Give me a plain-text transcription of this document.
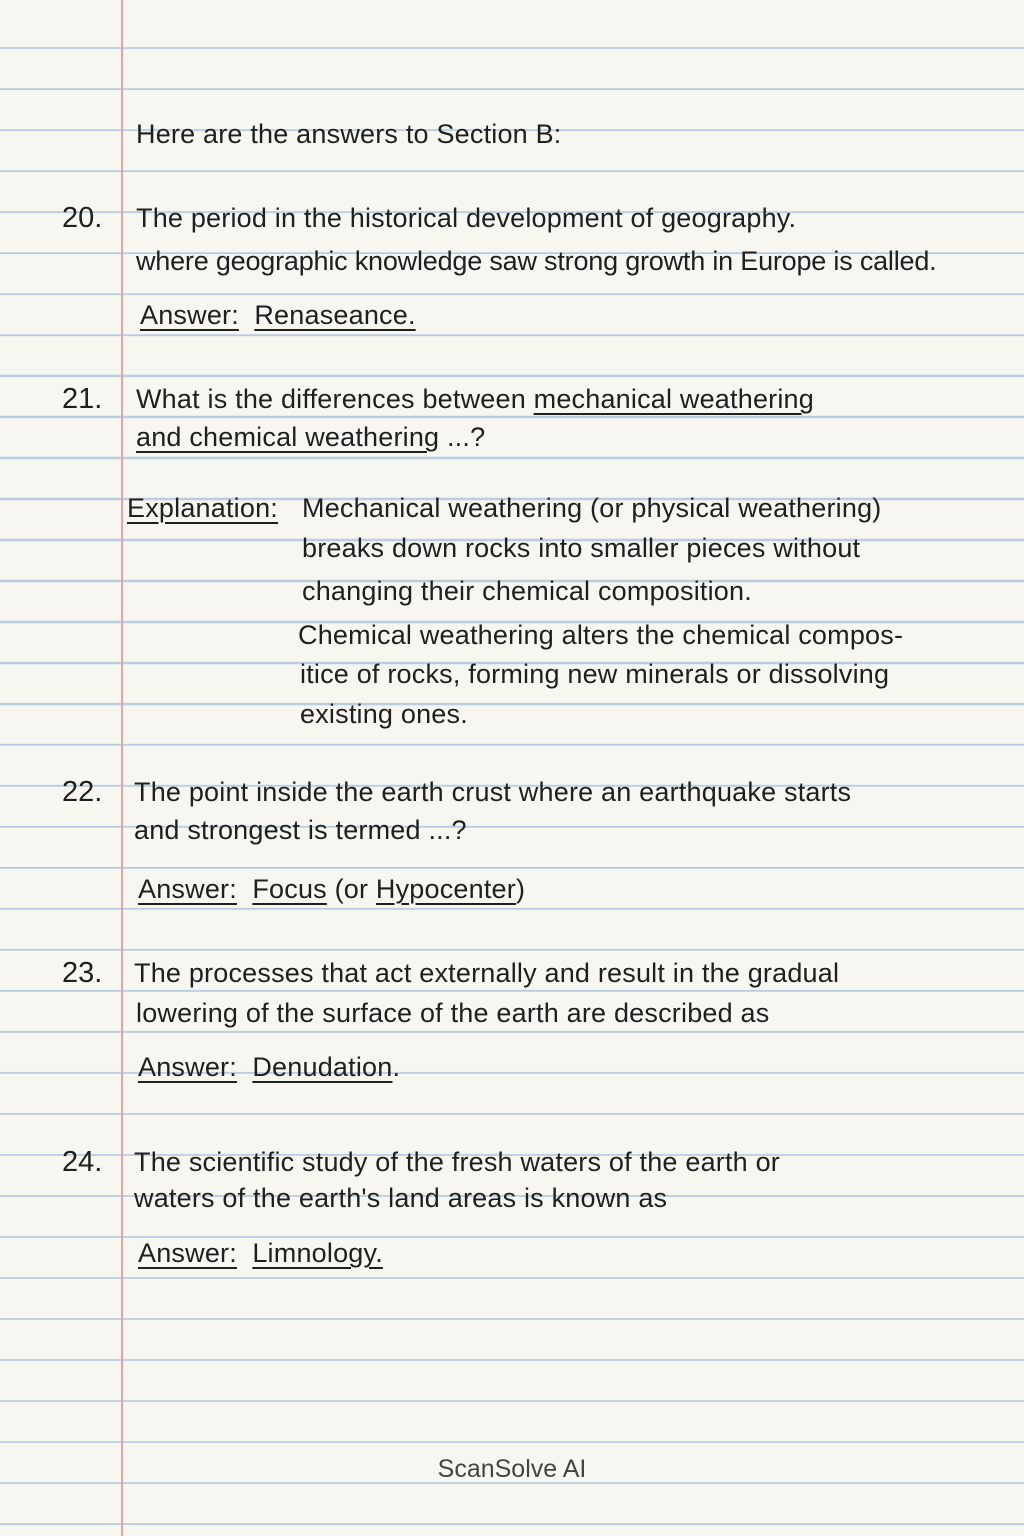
Here are the answers to Section B:
20. The period in the historical development of geography.
where geographic knowledge saw strong growth in Europe is called.
Answer: Renaseance.
21. What is the differences between mechanical weathering
and chemical weathering ...?
Explanation: Mechanical weathering (or physical weathering)
breaks down rocks into smaller pieces without
changing their chemical composition.
Chemical weathering alters the chemical compos-
itice of rocks, forming new minerals or dissolving
existing ones.
22. The point inside the earth crust where an earthquake starts
and strongest is termed ...?
Answer: Focus (or Hypocenter)
23. The processes that act externally and result in the gradual
lowering of the surface of the earth are described as
Answer: Denudation.
24. The scientific study of the fresh waters of the earth or
waters of the earth's land areas is known as
Answer: Limnology.
ScanSolve AI
